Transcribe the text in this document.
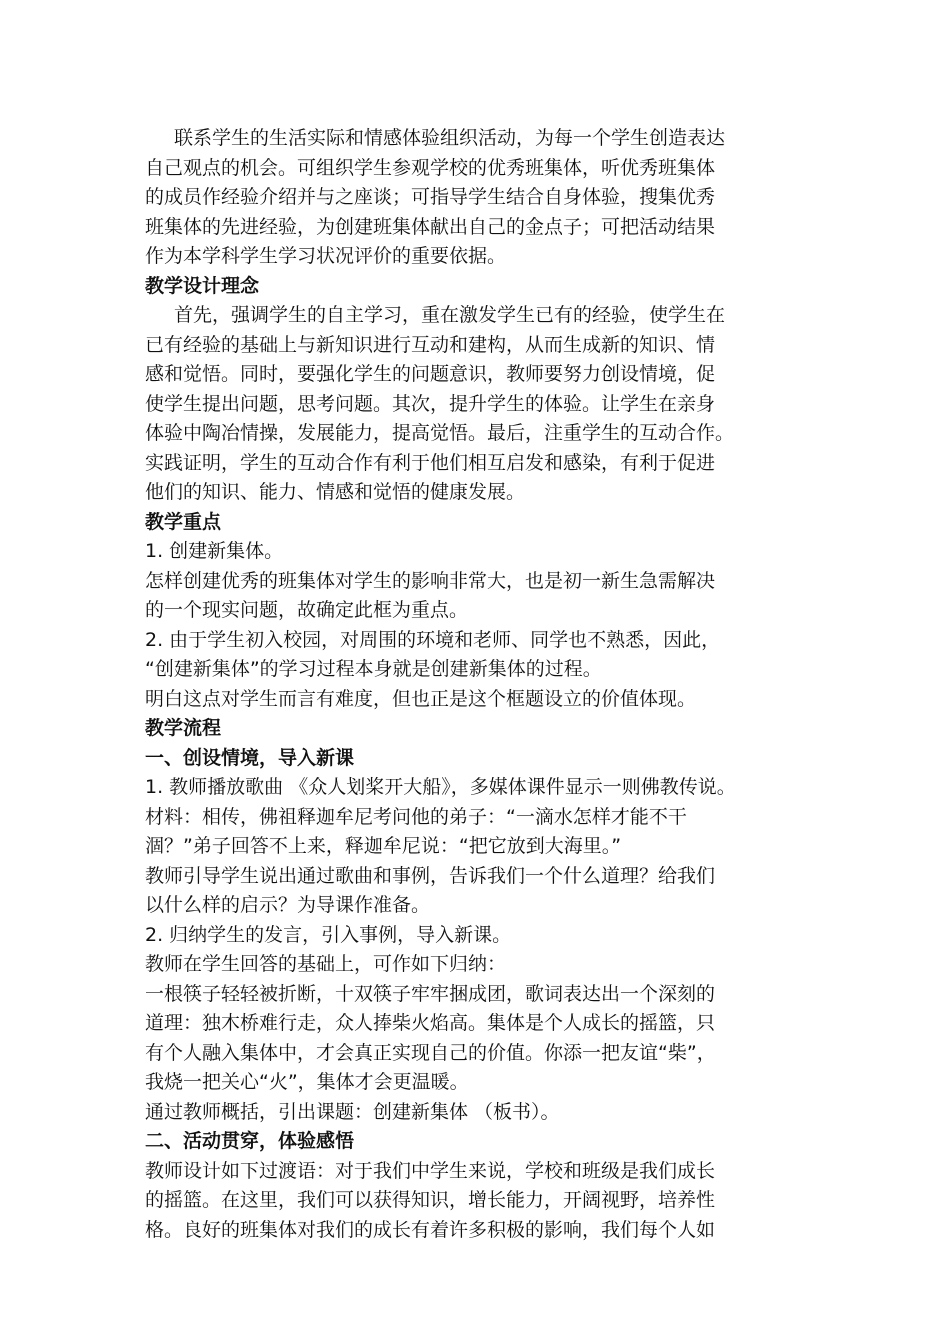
联系学生的生活实际和情感体验组织活动，为每一个学生创造表达
自己观点的机会。可组织学生参观学校的优秀班集体，听优秀班集体
的成员作经验介绍并与之座谈；可指导学生结合自身体验，搜集优秀
班集体的先进经验，为创建班集体献出自己的金点子；可把活动结果
作为本学科学生学习状况评价的重要依据。
教学设计理念
首先，强调学生的自主学习，重在激发学生已有的经验，使学生在
已有经验的基础上与新知识进行互动和建构，从而生成新的知识、情
感和觉悟。同时，要强化学生的问题意识，教师要努力创设情境，促
使学生提出问题，思考问题。其次，提升学生的体验。让学生在亲身
体验中陶冶情操，发展能力，提高觉悟。最后，注重学生的互动合作。
实践证明，学生的互动合作有利于他们相互启发和感染，有利于促进
他们的知识、能力、情感和觉悟的健康发展。
教学重点
1. 创建新集体。
怎样创建优秀的班集体对学生的影响非常大，也是初一新生急需解决
的一个现实问题，故确定此框为重点。
2. 由于学生初入校园，对周围的环境和老师、同学也不熟悉，因此，
“创建新集体”的学习过程本身就是创建新集体的过程。
明白这点对学生而言有难度，但也正是这个框题设立的价值体现。
教学流程
一、创设情境，导入新课
1. 教师播放歌曲 《众人划桨开大船》，多媒体课件显示一则佛教传说。
材料：相传，佛祖释迦牟尼考问他的弟子：“一滴水怎样才能不干
涸？”弟子回答不上来，释迦牟尼说：“把它放到大海里。”
教师引导学生说出通过歌曲和事例，告诉我们一个什么道理？给我们
以什么样的启示？为导课作准备。
2. 归纳学生的发言，引入事例，导入新课。
教师在学生回答的基础上，可作如下归纳：
一根筷子轻轻被折断，十双筷子牢牢捆成团，歌词表达出一个深刻的
道理：独木桥难行走，众人捧柴火焰高。集体是个人成长的摇篮，只
有个人融入集体中，才会真正实现自己的价值。你添一把友谊“柴”，
我烧一把关心“火”，集体才会更温暖。
通过教师概括，引出课题：创建新集体 （板书）。
二、活动贯穿，体验感悟
教师设计如下过渡语：对于我们中学生来说，学校和班级是我们成长
的摇篮。在这里，我们可以获得知识，增长能力，开阔视野，培养性
格。良好的班集体对我们的成长有着许多积极的影响，我们每个人如
